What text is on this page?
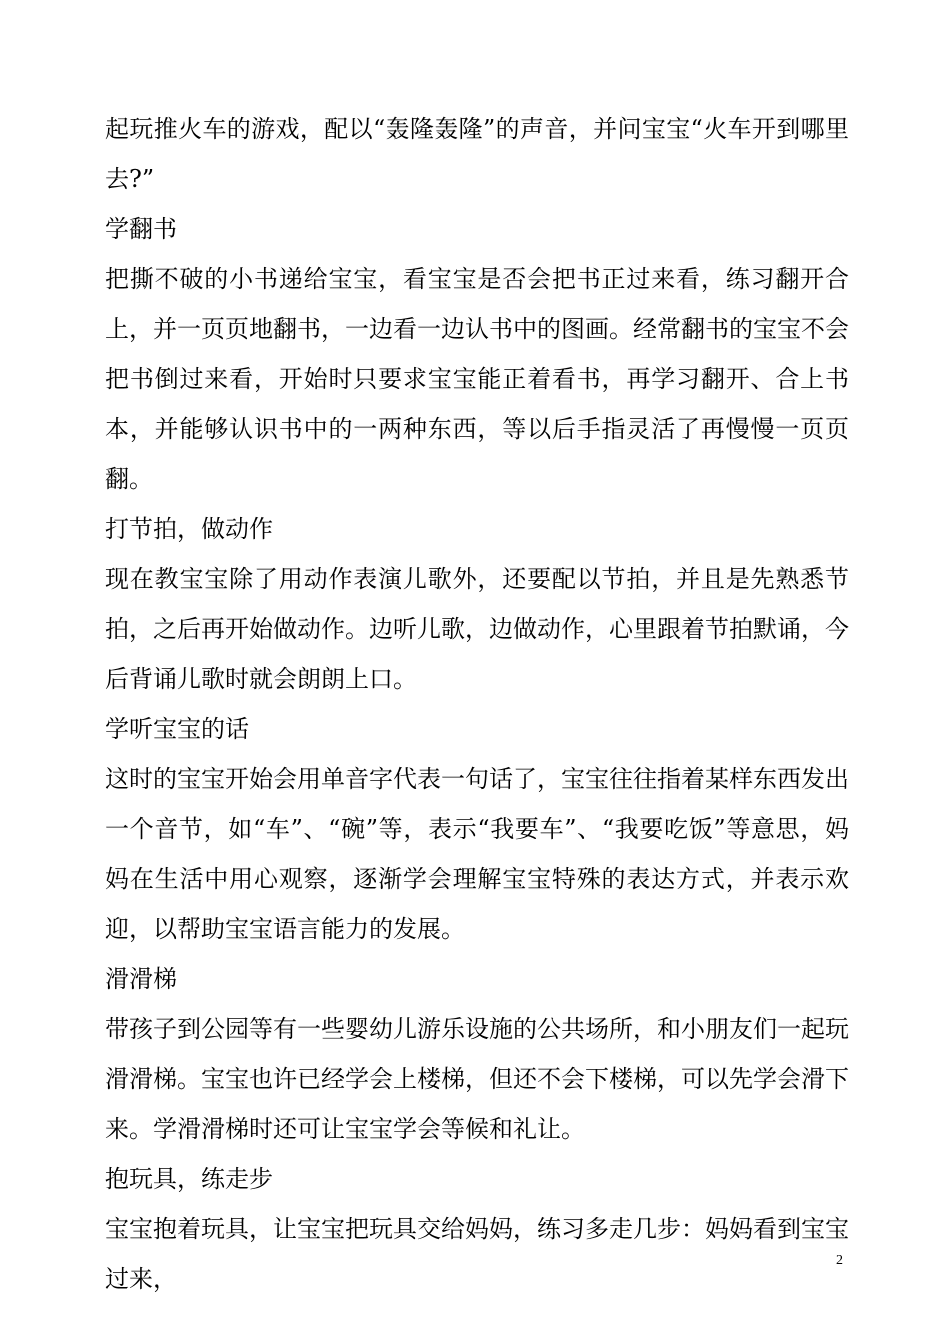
起玩推火车的游戏，配以“轰隆轰隆”的声音，并问宝宝“火车开到哪里去?”

学翻书

把撕不破的小书递给宝宝，看宝宝是否会把书正过来看，练习翻开合上，并一页页地翻书，一边看一边认书中的图画。经常翻书的宝宝不会把书倒过来看，开始时只要求宝宝能正着看书，再学习翻开、合上书本，并能够认识书中的一两种东西，等以后手指灵活了再慢慢一页页翻。

打节拍，做动作

现在教宝宝除了用动作表演儿歌外，还要配以节拍，并且是先熟悉节拍，之后再开始做动作。边听儿歌，边做动作，心里跟着节拍默诵，今后背诵儿歌时就会朗朗上口。

学听宝宝的话

这时的宝宝开始会用单音字代表一句话了，宝宝往往指着某样东西发出一个音节，如“车”、“碗”等，表示“我要车”、“我要吃饭”等意思，妈妈在生活中用心观察，逐渐学会理解宝宝特殊的表达方式，并表示欢迎，以帮助宝宝语言能力的发展。

滑滑梯

带孩子到公园等有一些婴幼儿游乐设施的公共场所，和小朋友们一起玩滑滑梯。宝宝也许已经学会上楼梯，但还不会下楼梯，可以先学会滑下来。学滑滑梯时还可让宝宝学会等候和礼让。

抱玩具，练走步

宝宝抱着玩具，让宝宝把玩具交给妈妈，练习多走几步：妈妈看到宝宝过来，

2
